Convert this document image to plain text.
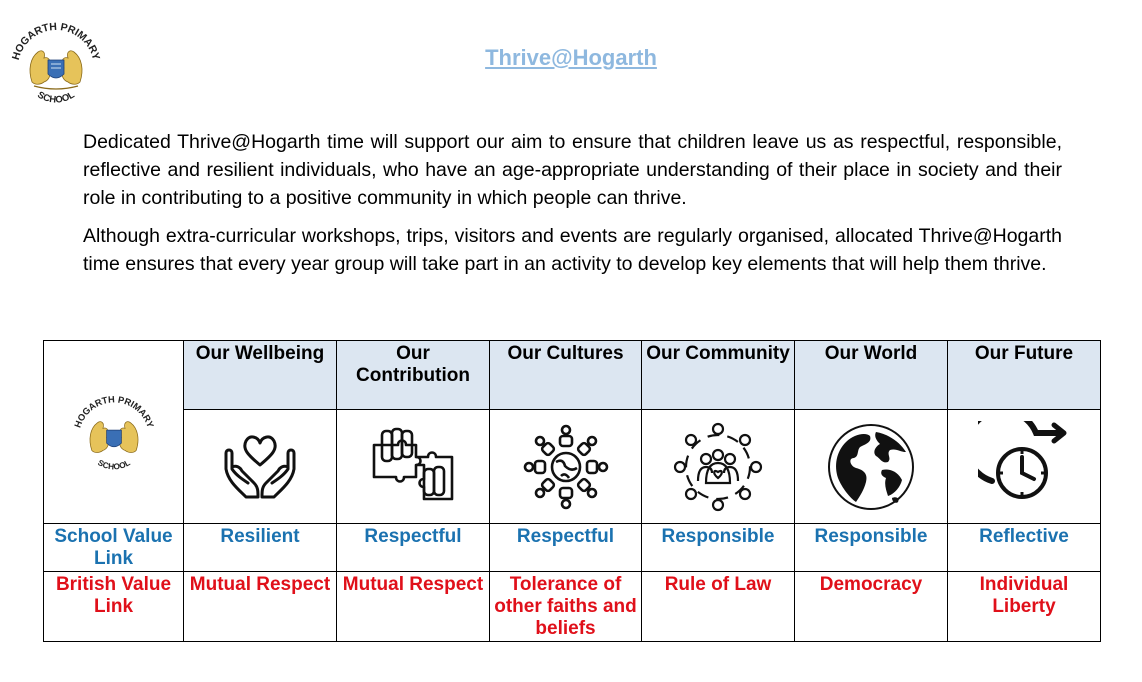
HOGARTH PRIMARY
SCHOOL
Thrive@Hogarth
Dedicated Thrive@Hogarth time will support our aim to ensure that children leave us as respectful, responsible, reflective and resilient individuals, who have an age-appropriate understanding of their place in society and their role in contributing to a positive community in which people can thrive.
Although extra-curricular workshops, trips, visitors and events are regularly organised, allocated Thrive@Hogarth time ensures that every year group will take part in an activity to develop key elements that will help them thrive.
HOGARTH PRIMARY
SCHOOL	Our Wellbeing	Our Contribution	Our Cultures	Our Community	Our World	Our Future

School Value Link	Resilient	Respectful	Respectful	Responsible	Responsible	Reflective
British Value Link	Mutual Respect	Mutual Respect	Tolerance of other faiths and beliefs	Rule of Law	Democracy	Individual Liberty
